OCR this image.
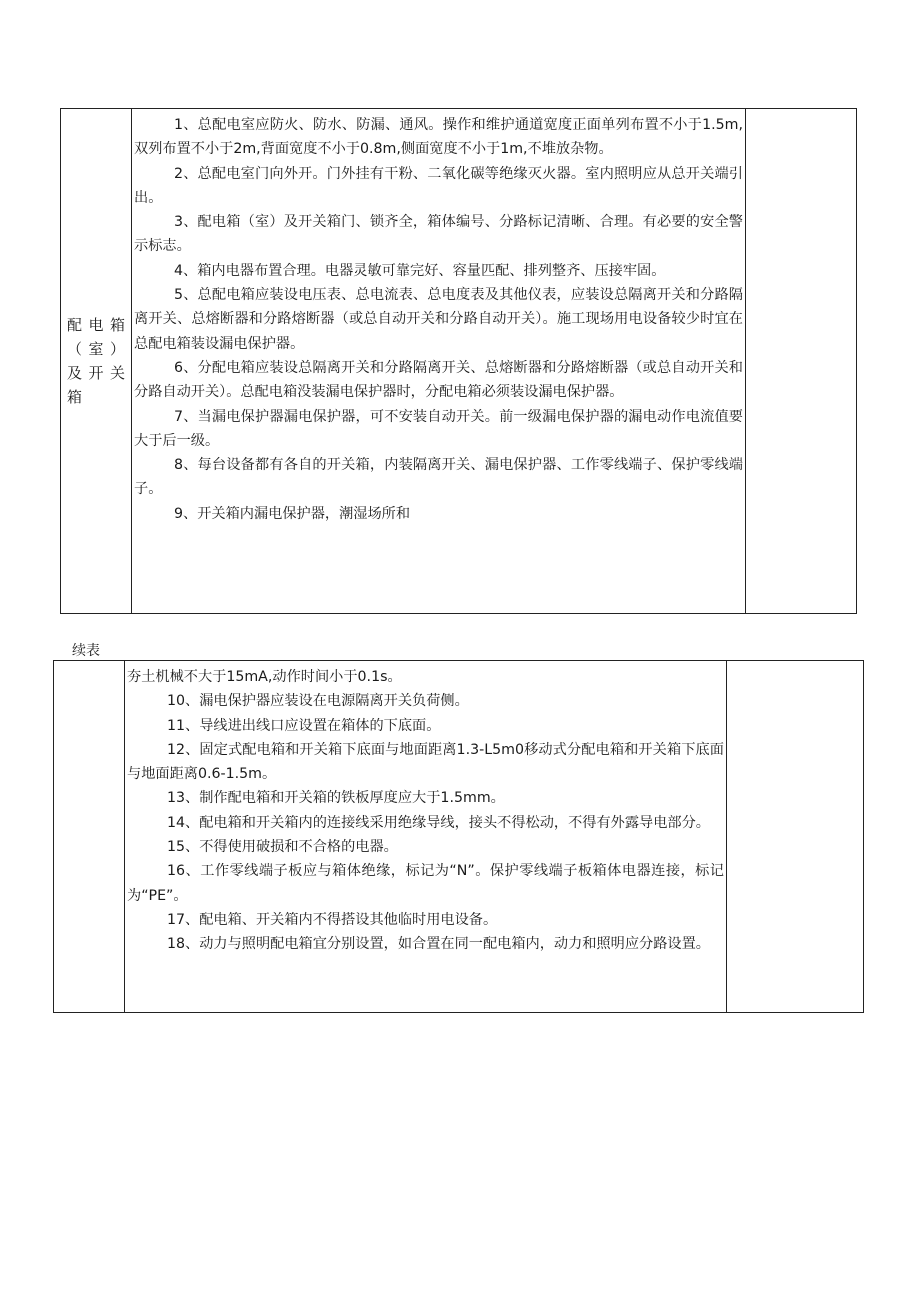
配电箱（室）及开关箱

1、总配电室应防火、防水、防漏、通风。操作和维护通道宽度正面单列布置不小于1.5m,双列布置不小于2m,背面宽度不小于0.8m,侧面宽度不小于1m,不堆放杂物。

2、总配电室门向外开。门外挂有干粉、二氧化碳等绝缘灭火器。室内照明应从总开关端引出。

3、配电箱（室）及开关箱门、锁齐全，箱体编号、分路标记清晰、合理。有必要的安全警示标志。

4、箱内电器布置合理。电器灵敏可靠完好、容量匹配、排列整齐、压接牢固。

5、总配电箱应装设电压表、总电流表、总电度表及其他仪表，应装设总隔离开关和分路隔离开关、总熔断器和分路熔断器（或总自动开关和分路自动开关）。施工现场用电设备较少时宜在总配电箱装设漏电保护器。

6、分配电箱应装设总隔离开关和分路隔离开关、总熔断器和分路熔断器（或总自动开关和分路自动开关）。总配电箱没装漏电保护器时，分配电箱必须装设漏电保护器。

7、当漏电保护器漏电保护器，可不安装自动开关。前一级漏电保护器的漏电动作电流值要大于后一级。

8、每台设备都有各自的开关箱，内装隔离开关、漏电保护器、工作零线端子、保护零线端子。

9、开关箱内漏电保护器，潮湿场所和

续表

夯土机械不大于15mA,动作时间小于0.1s。

10、漏电保护器应装设在电源隔离开关负荷侧。

11、导线进出线口应设置在箱体的下底面。

12、固定式配电箱和开关箱下底面与地面距离1.3-L5m0移动式分配电箱和开关箱下底面与地面距离0.6-1.5m。

13、制作配电箱和开关箱的铁板厚度应大于1.5mm。

14、配电箱和开关箱内的连接线采用绝缘导线，接头不得松动，不得有外露导电部分。

15、不得使用破损和不合格的电器。

16、工作零线端子板应与箱体绝缘，标记为“N”。保护零线端子板箱体电器连接，标记为“PE”。

17、配电箱、开关箱内不得搭设其他临时用电设备。

18、动力与照明配电箱宜分别设置，如合置在同一配电箱内，动力和照明应分路设置。
